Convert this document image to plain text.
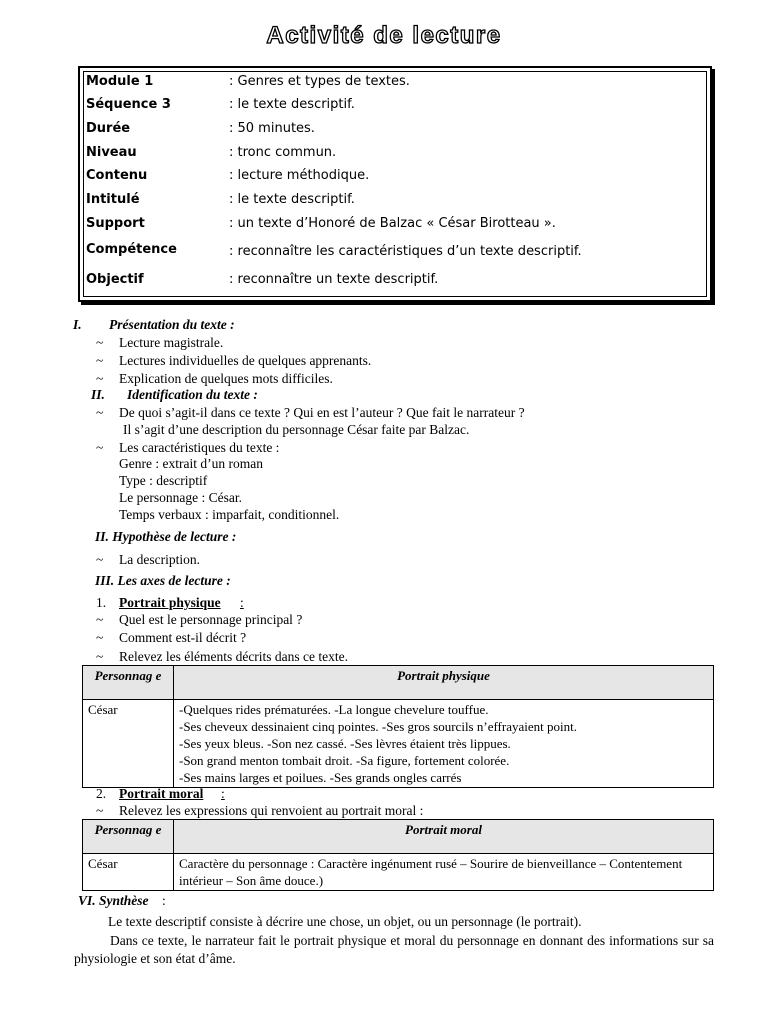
Activité de lecture
Module 1	: Genres et types de textes.
Séquence 3	: le texte descriptif.
Durée	: 50 minutes.
Niveau	: tronc commun.
Contenu	: lecture méthodique.
Intitulé	: le texte descriptif.
Support	: un texte d’Honoré de Balzac « César Birotteau ».
Compétence	: reconnaître les caractéristiques d’un texte descriptif.
Objectif	: reconnaître un texte descriptif.
I. Présentation du texte :
~ Lecture magistrale.
~ Lectures individuelles de quelques apprenants.
~ Explication de quelques mots difficiles.
II. Identification du texte :
~ De quoi s’agit-il dans ce texte ? Qui en est l’auteur ? Que fait le narrateur ?
Il s’agit d’une description du personnage César faite par Balzac.
~ Les caractéristiques du texte :
Genre : extrait d’un roman
Type : descriptif
Le personnage : César.
Temps verbaux : imparfait, conditionnel.
II. Hypothèse de lecture :
~ La description.
III. Les axes de lecture :
1. Portrait physique :
~ Quel est le personnage principal ?
~ Comment est-il décrit ?
~ Relevez les éléments décrits dans ce texte.
Personnag e	Portrait physique
César	-Quelques rides prématurées. -La longue chevelure touffue.
-Ses cheveux dessinaient cinq pointes. -Ses gros sourcils n’effrayaient point.
-Ses yeux bleus. -Son nez cassé. -Ses lèvres étaient très lippues.
-Son grand menton tombait droit. -Sa figure, fortement colorée.
-Ses mains larges et poilues. -Ses grands ongles carrés
2. Portrait moral :
~ Relevez les expressions qui renvoient au portrait moral :
Personnag e	Portrait moral
César	Caractère du personnage : Caractère ingénument rusé – Sourire de bienveillance – Contentement intérieur – Son âme douce.)
VI. Synthèse :
Le texte descriptif consiste à décrire une chose, un objet, ou un personnage (le portrait).
Dans ce texte, le narrateur fait le portrait physique et moral du personnage en donnant des informations sur sa physiologie et son état d’âme.
